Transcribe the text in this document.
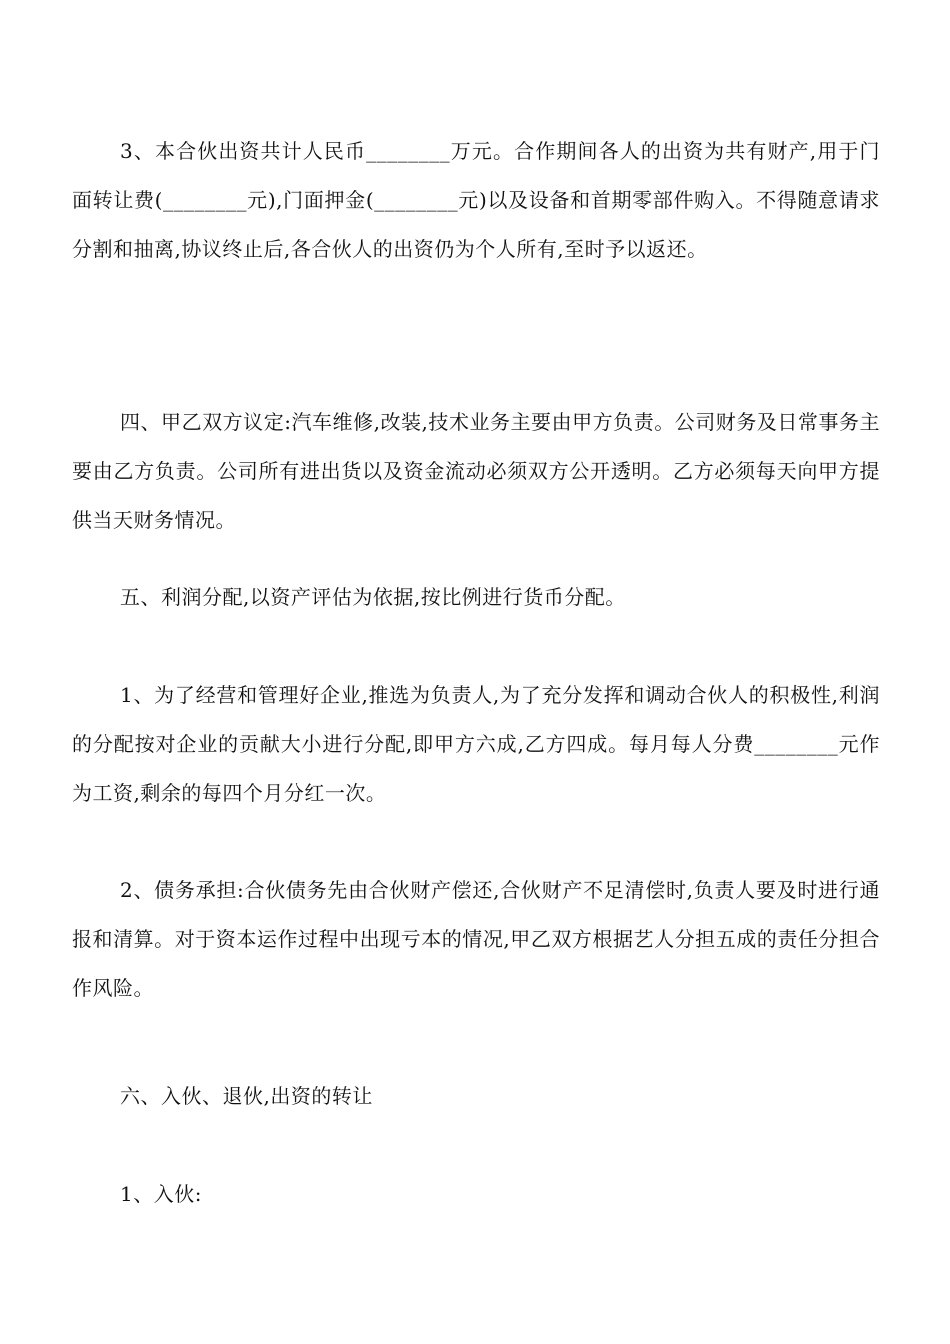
3、本合伙出资共计人民币________万元。合作期间各人的出资为共有财产,用于门面转让费(________元),门面押金(________元)以及设备和首期零部件购入。不得随意请求分割和抽离,协议终止后,各合伙人的出资仍为个人所有,至时予以返还。

四、甲乙双方议定:汽车维修,改装,技术业务主要由甲方负责。公司财务及日常事务主要由乙方负责。公司所有进出货以及资金流动必须双方公开透明。乙方必须每天向甲方提供当天财务情况。

五、利润分配,以资产评估为依据,按比例进行货币分配。

1、为了经营和管理好企业,推选为负责人,为了充分发挥和调动合伙人的积极性,利润的分配按对企业的贡献大小进行分配,即甲方六成,乙方四成。每月每人分费________元作为工资,剩余的每四个月分红一次。

2、债务承担:合伙债务先由合伙财产偿还,合伙财产不足清偿时,负责人要及时进行通报和清算。对于资本运作过程中出现亏本的情况,甲乙双方根据艺人分担五成的责任分担合作风险。

六、入伙、退伙,出资的转让

1、入伙:
